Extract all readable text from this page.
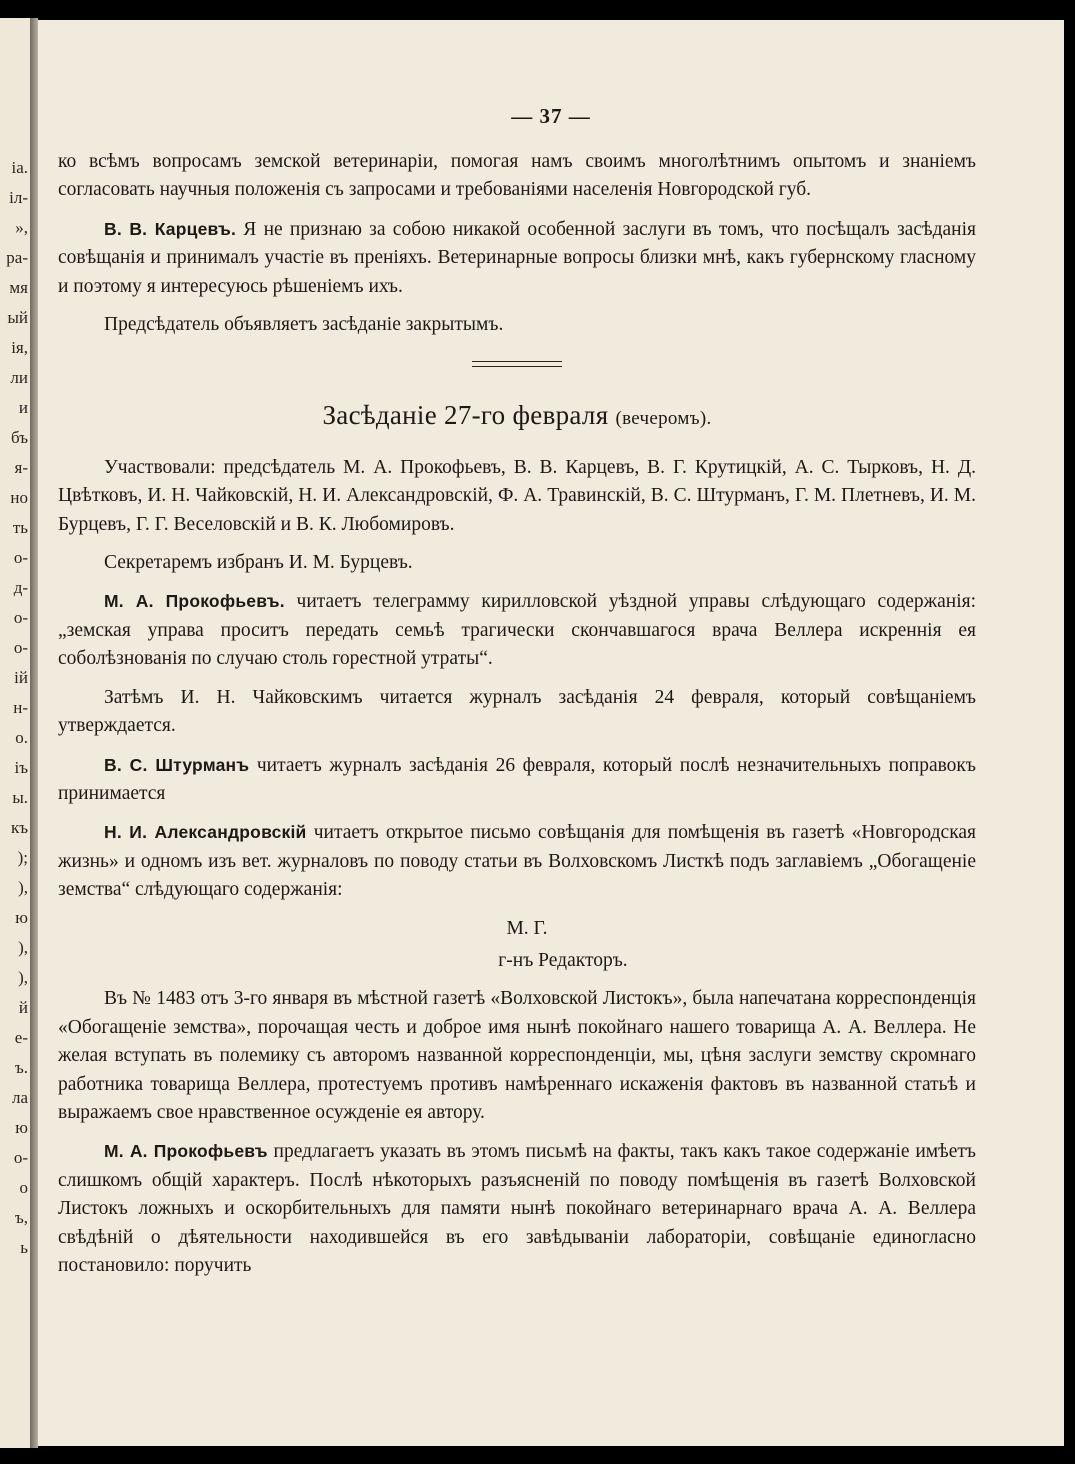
іа.
іл-
»,
ра-
мя
ый
ія,
ли
и
бъ
я-
но
ть
о-
д-
о-
о-
ій
н-
о.
іъ
ы.
къ
);
),
ю
),
),
й
е-
ъ.
ла
ю
о-
о
ъ,
ь
— 37 —

ко всѣмъ вопросамъ земской ветеринаріи, помогая намъ своимъ многолѣтнимъ опытомъ и знаніемъ согласовать научныя положенія съ запросами и требованіями населенія Новгородской губ.

В. В. Карцевъ. Я не признаю за собою никакой особенной заслуги въ томъ, что посѣщалъ засѣданія совѣщанія и принималъ участіе въ преніяхъ. Ветеринарные вопросы близки мнѣ, какъ губернскому гласному и поэтому я интересуюсь рѣшеніемъ ихъ.

Предсѣдатель объявляетъ засѣданіе закрытымъ.

Засѣданіе 27-го февраля (вечеромъ).

Участвовали: предсѣдатель М. А. Прокофьевъ, В. В. Карцевъ, В. Г. Крутицкій, А. С. Тырковъ, Н. Д. Цвѣтковъ, И. Н. Чайковскій, Н. И. Александровскій, Ф. А. Травинскій, В. С. Штурманъ, Г. М. Плетневъ, И. М. Бурцевъ, Г. Г. Веселовскій и В. К. Любомировъ.

Секретаремъ избранъ И. М. Бурцевъ.

М. А. Прокофьевъ. читаетъ телеграмму кирилловской уѣздной управы слѣдующаго содержанія: „земская управа проситъ передать семьѣ трагически скончавшагося врача Веллера искреннія ея соболѣзнованія по случаю столь горестной утраты“.

Затѣмъ И. Н. Чайковскимъ читается журналъ засѣданія 24 февраля, который совѣщаніемъ утверждается.

В. С. Штурманъ читаетъ журналъ засѣданія 26 февраля, который послѣ незначительныхъ поправокъ принимается

Н. И. Александровскій читаетъ открытое письмо совѣщанія для помѣщенія въ газетѣ «Новгородская жизнь» и одномъ изъ вет. журналовъ по поводу статьи въ Волховскомъ Листкѣ подъ заглавіемъ „Обогащеніе земства“ слѣдующаго содержанія:

М. Г.
г-нъ Редакторъ.

Въ № 1483 отъ 3-го января въ мѣстной газетѣ «Волховской Листокъ», была напечатана корреспонденція «Обогащеніе земства», порочащая честь и доброе имя нынѣ покойнаго нашего товарища А. А. Веллера. Не желая вступать въ полемику съ авторомъ названной корреспонденціи, мы, цѣня заслуги земству скромнаго работника товарища Веллера, протестуемъ противъ намѣреннаго искаженія фактовъ въ названной статьѣ и выражаемъ свое нравственное осужденіе ея автору.

М. А. Прокофьевъ предлагаетъ указать въ этомъ письмѣ на факты, такъ какъ такое содержаніе имѣетъ слишкомъ общій характеръ. Послѣ нѣкоторыхъ разъясненій по поводу помѣщенія въ газетѣ Волховской Листокъ ложныхъ и оскорбительныхъ для памяти нынѣ покойнаго ветеринарнаго врача А. А. Веллера свѣдѣній о дѣятельности находившейся въ его завѣдываніи лабораторіи, совѣщаніе единогласно постановило: поручить
